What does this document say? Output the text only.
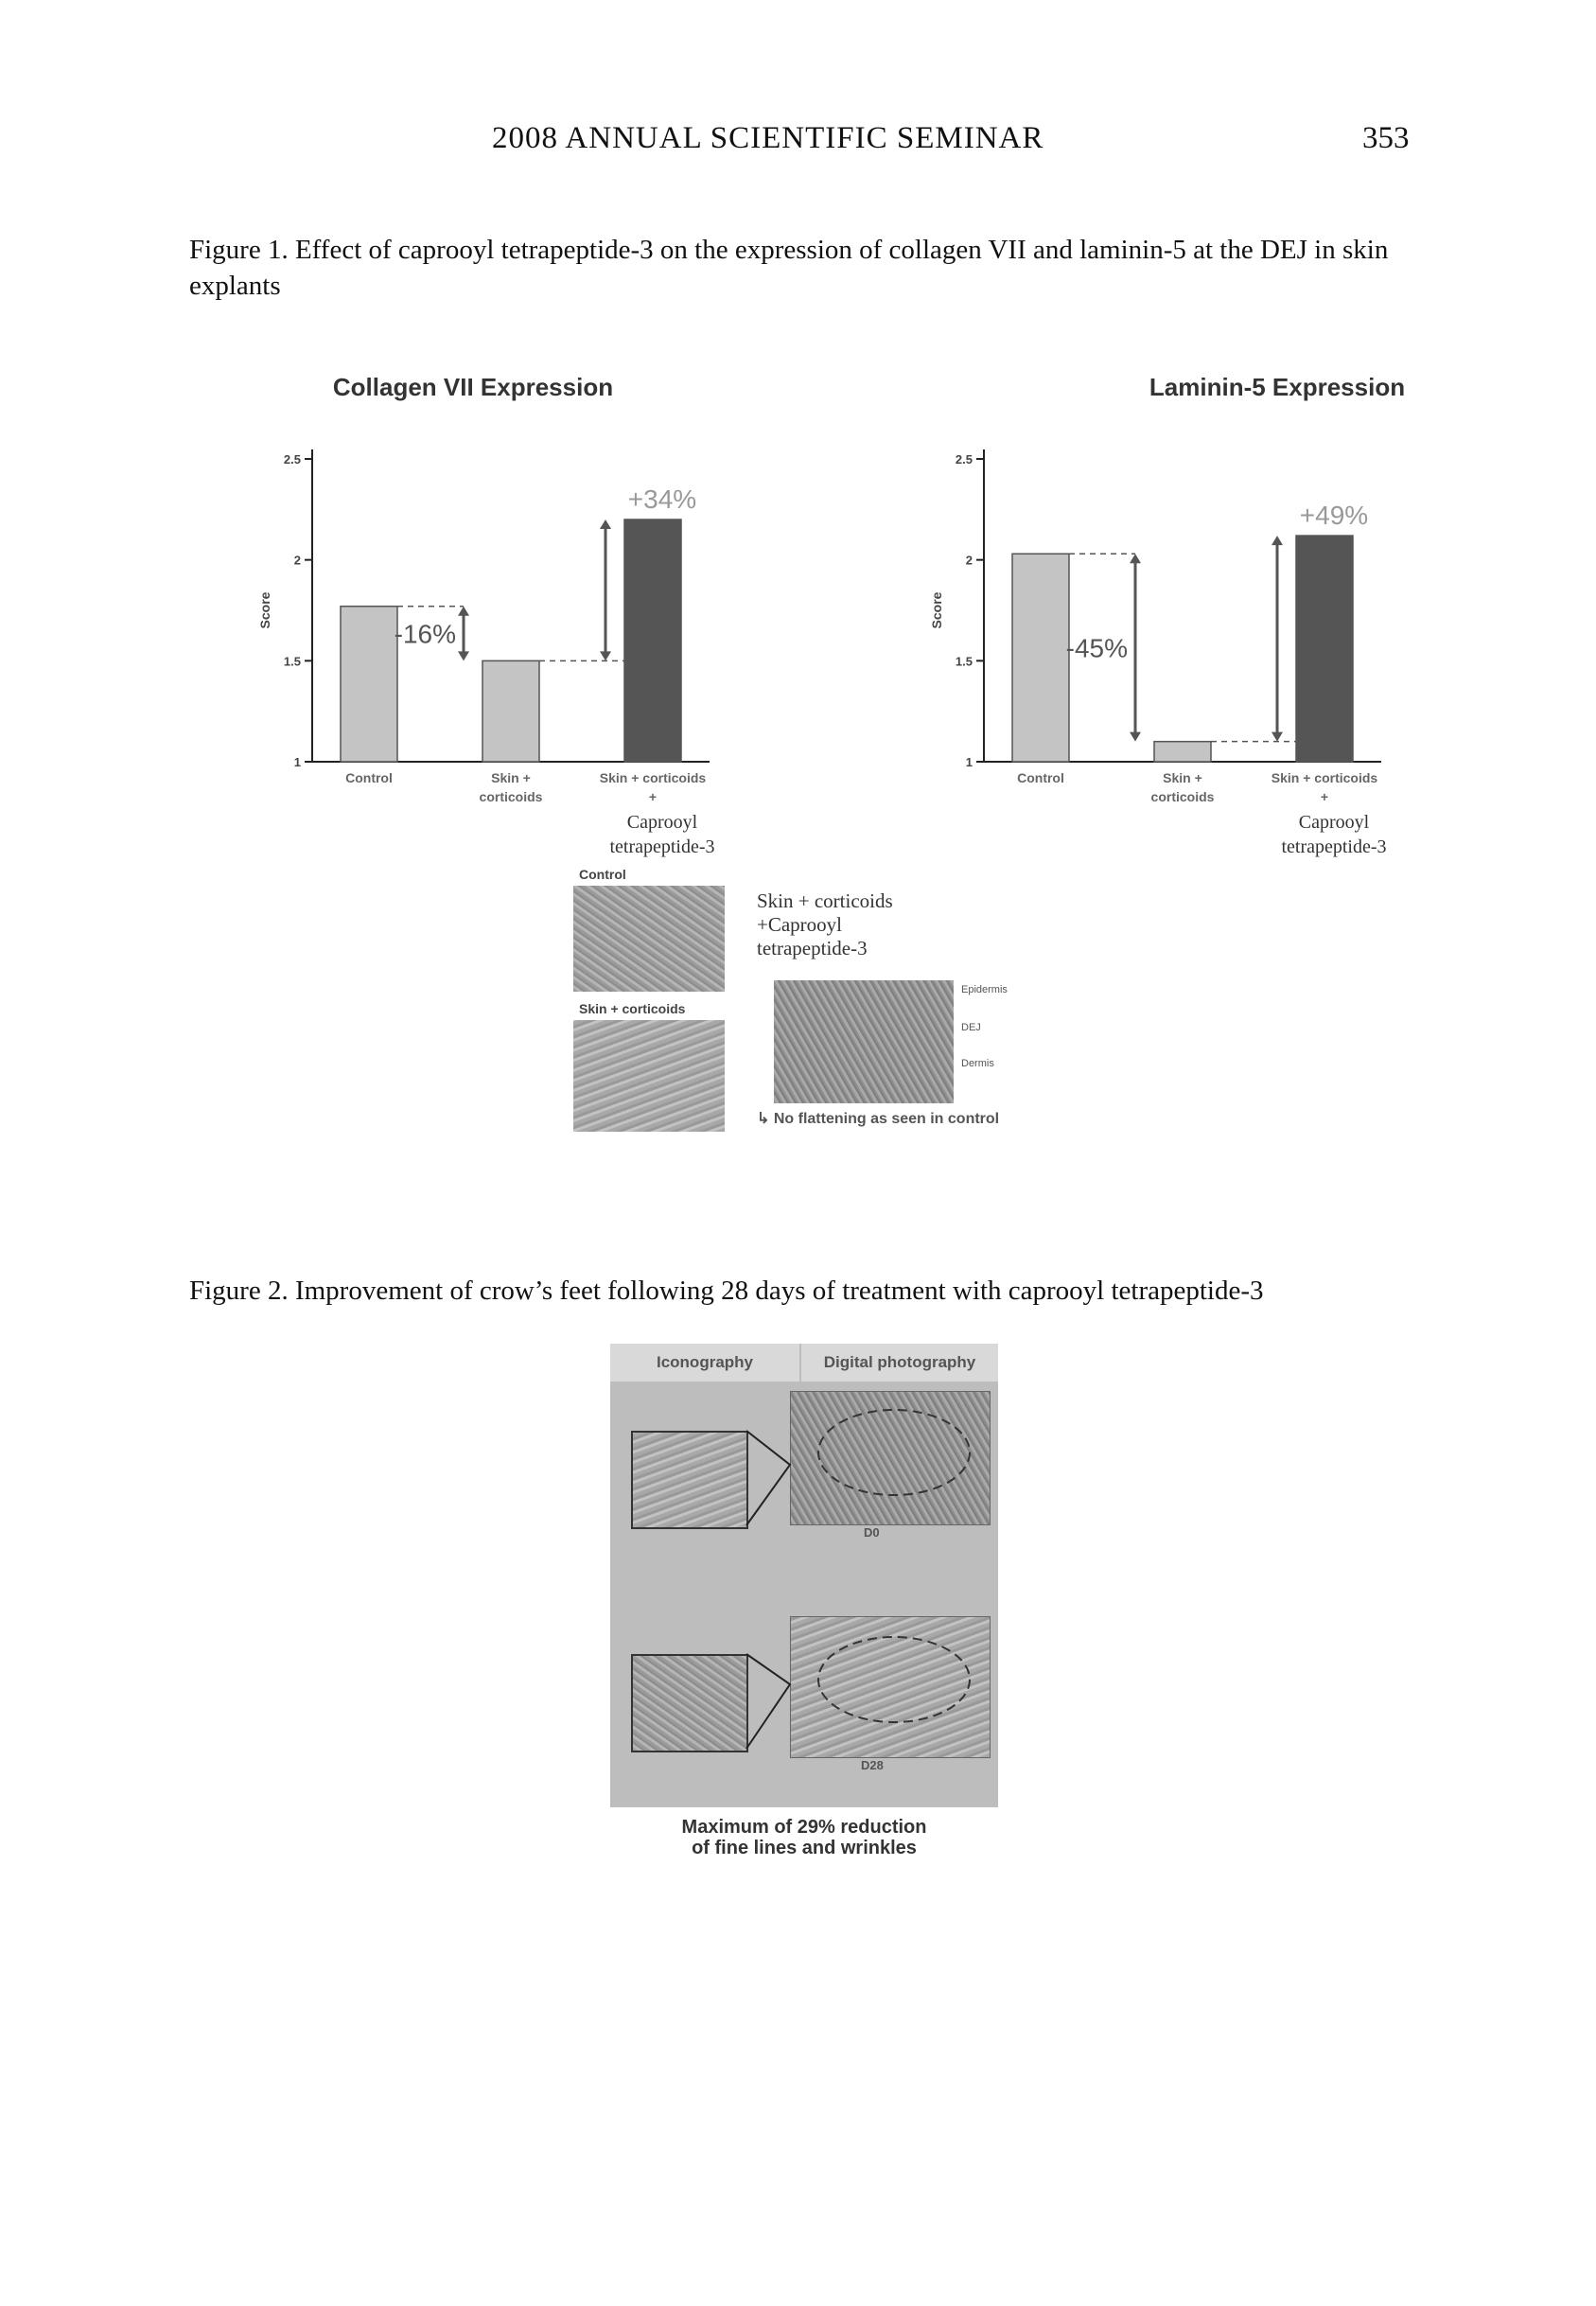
2008 ANNUAL SCIENTIFIC SEMINAR	353
Figure 1. Effect of caprooyl tetrapeptide-3 on the expression of collagen VII and laminin-5 at the DEJ in skin explants
Collagen VII Expression
1
1.5
2
2.5
Score
Control	Skin +
corticoids
Skin + corticoids
+
Caprooyl
tetrapeptide-3
-16%
+34%
Laminin-5 Expression
1
1.5
2
2.5
Score
Control	Skin +
corticoids
Skin + corticoids
+
Caprooyl
tetrapeptide-3
-45%
+49%
Control
Skin + corticoids
Skin + corticoids
+Caprooyl
tetrapeptide-3
Epidermis
DEJ
Dermis
↳ No flattening as seen in control
Figure 2. Improvement of crow’s feet following 28 days of treatment with caprooyl tetrapeptide-3
Iconography	Digital photography
D0
D28
Maximum of 29% reduction
of fine lines and wrinkles
